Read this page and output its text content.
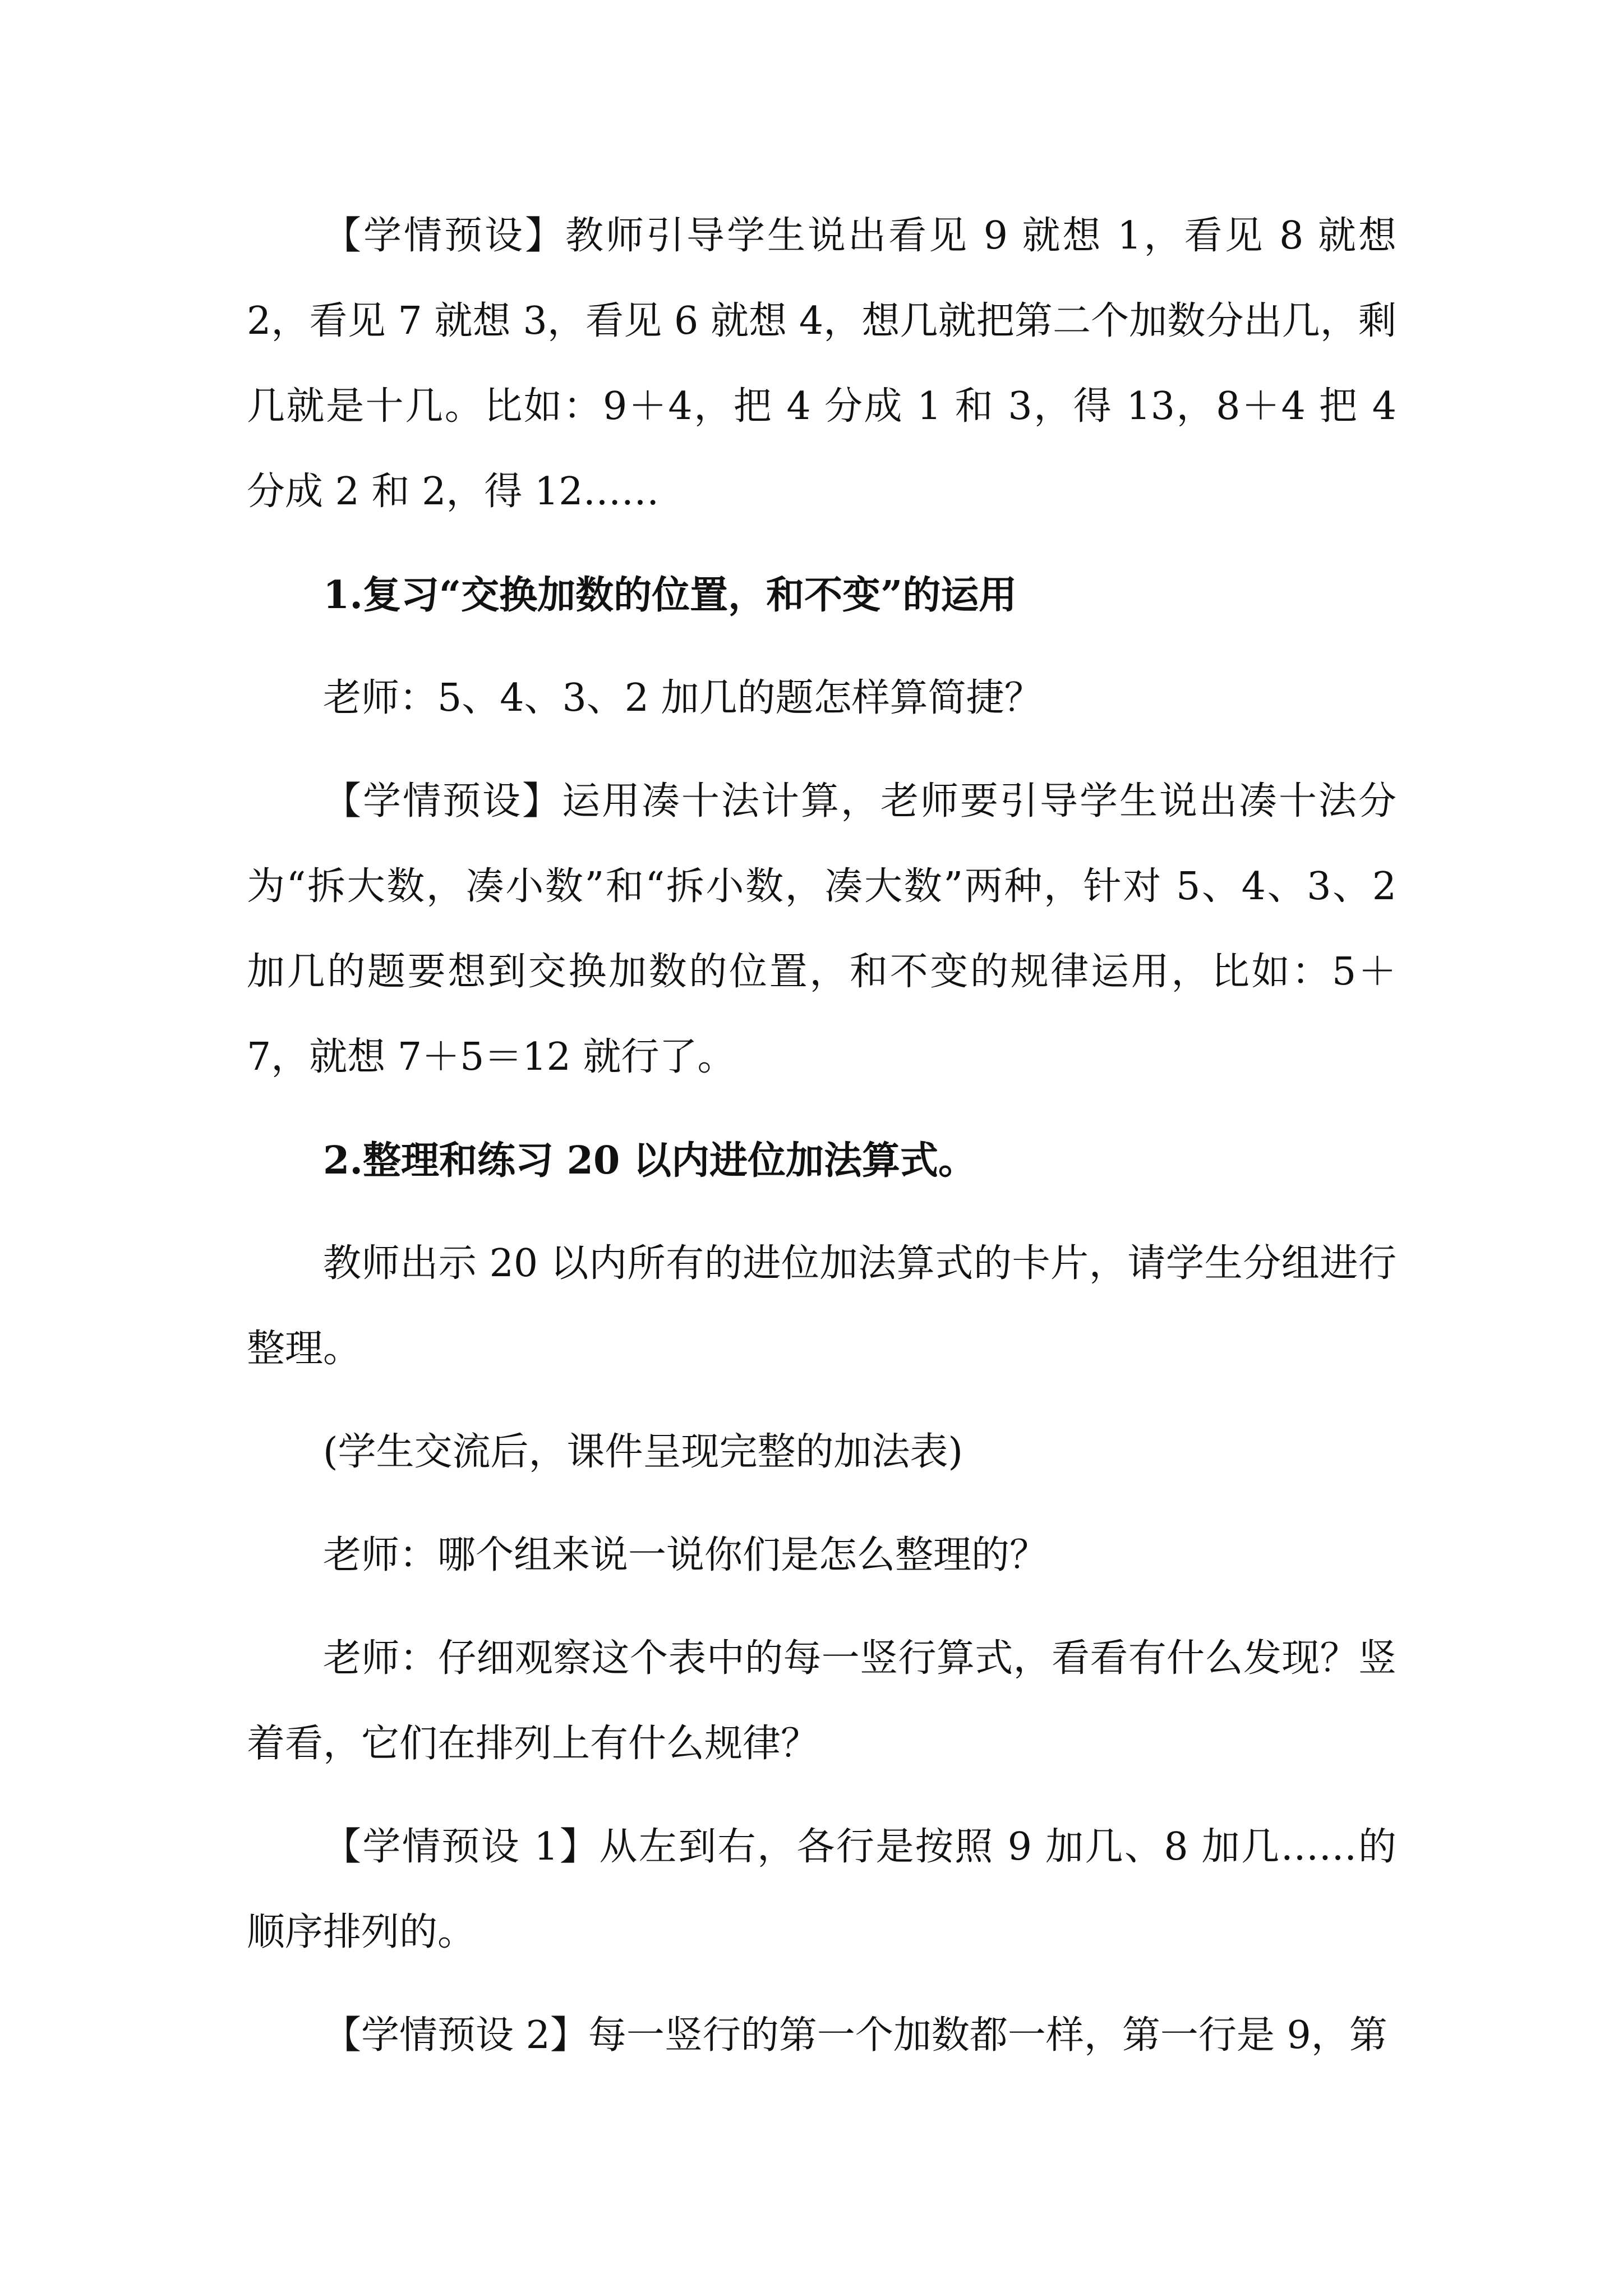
【学情预设】教师引导学生说出看见 9 就想 1，看见 8 就想 2，看见 7 就想 3，看见 6 就想 4，想几就把第二个加数分出几，剩几就是十几。比如：9＋4，把 4 分成 1 和 3，得 13，8＋4 把 4 分成 2 和 2，得 12……

1.复习“交换加数的位置，和不变”的运用

老师：5、4、3、2 加几的题怎样算简捷？

【学情预设】运用凑十法计算，老师要引导学生说出凑十法分为“拆大数，凑小数”和“拆小数，凑大数”两种，针对 5、4、3、2 加几的题要想到交换加数的位置，和不变的规律运用，比如：5＋7，就想 7＋5＝12 就行了。

2.整理和练习 20 以内进位加法算式。

教师出示 20 以内所有的进位加法算式的卡片，请学生分组进行整理。

(学生交流后，课件呈现完整的加法表)

老师：哪个组来说一说你们是怎么整理的？

老师：仔细观察这个表中的每一竖行算式，看看有什么发现？竖着看，它们在排列上有什么规律？

【学情预设 1】从左到右，各行是按照 9 加几、8 加几……的顺序排列的。

【学情预设 2】每一竖行的第一个加数都一样，第一行是 9，第
